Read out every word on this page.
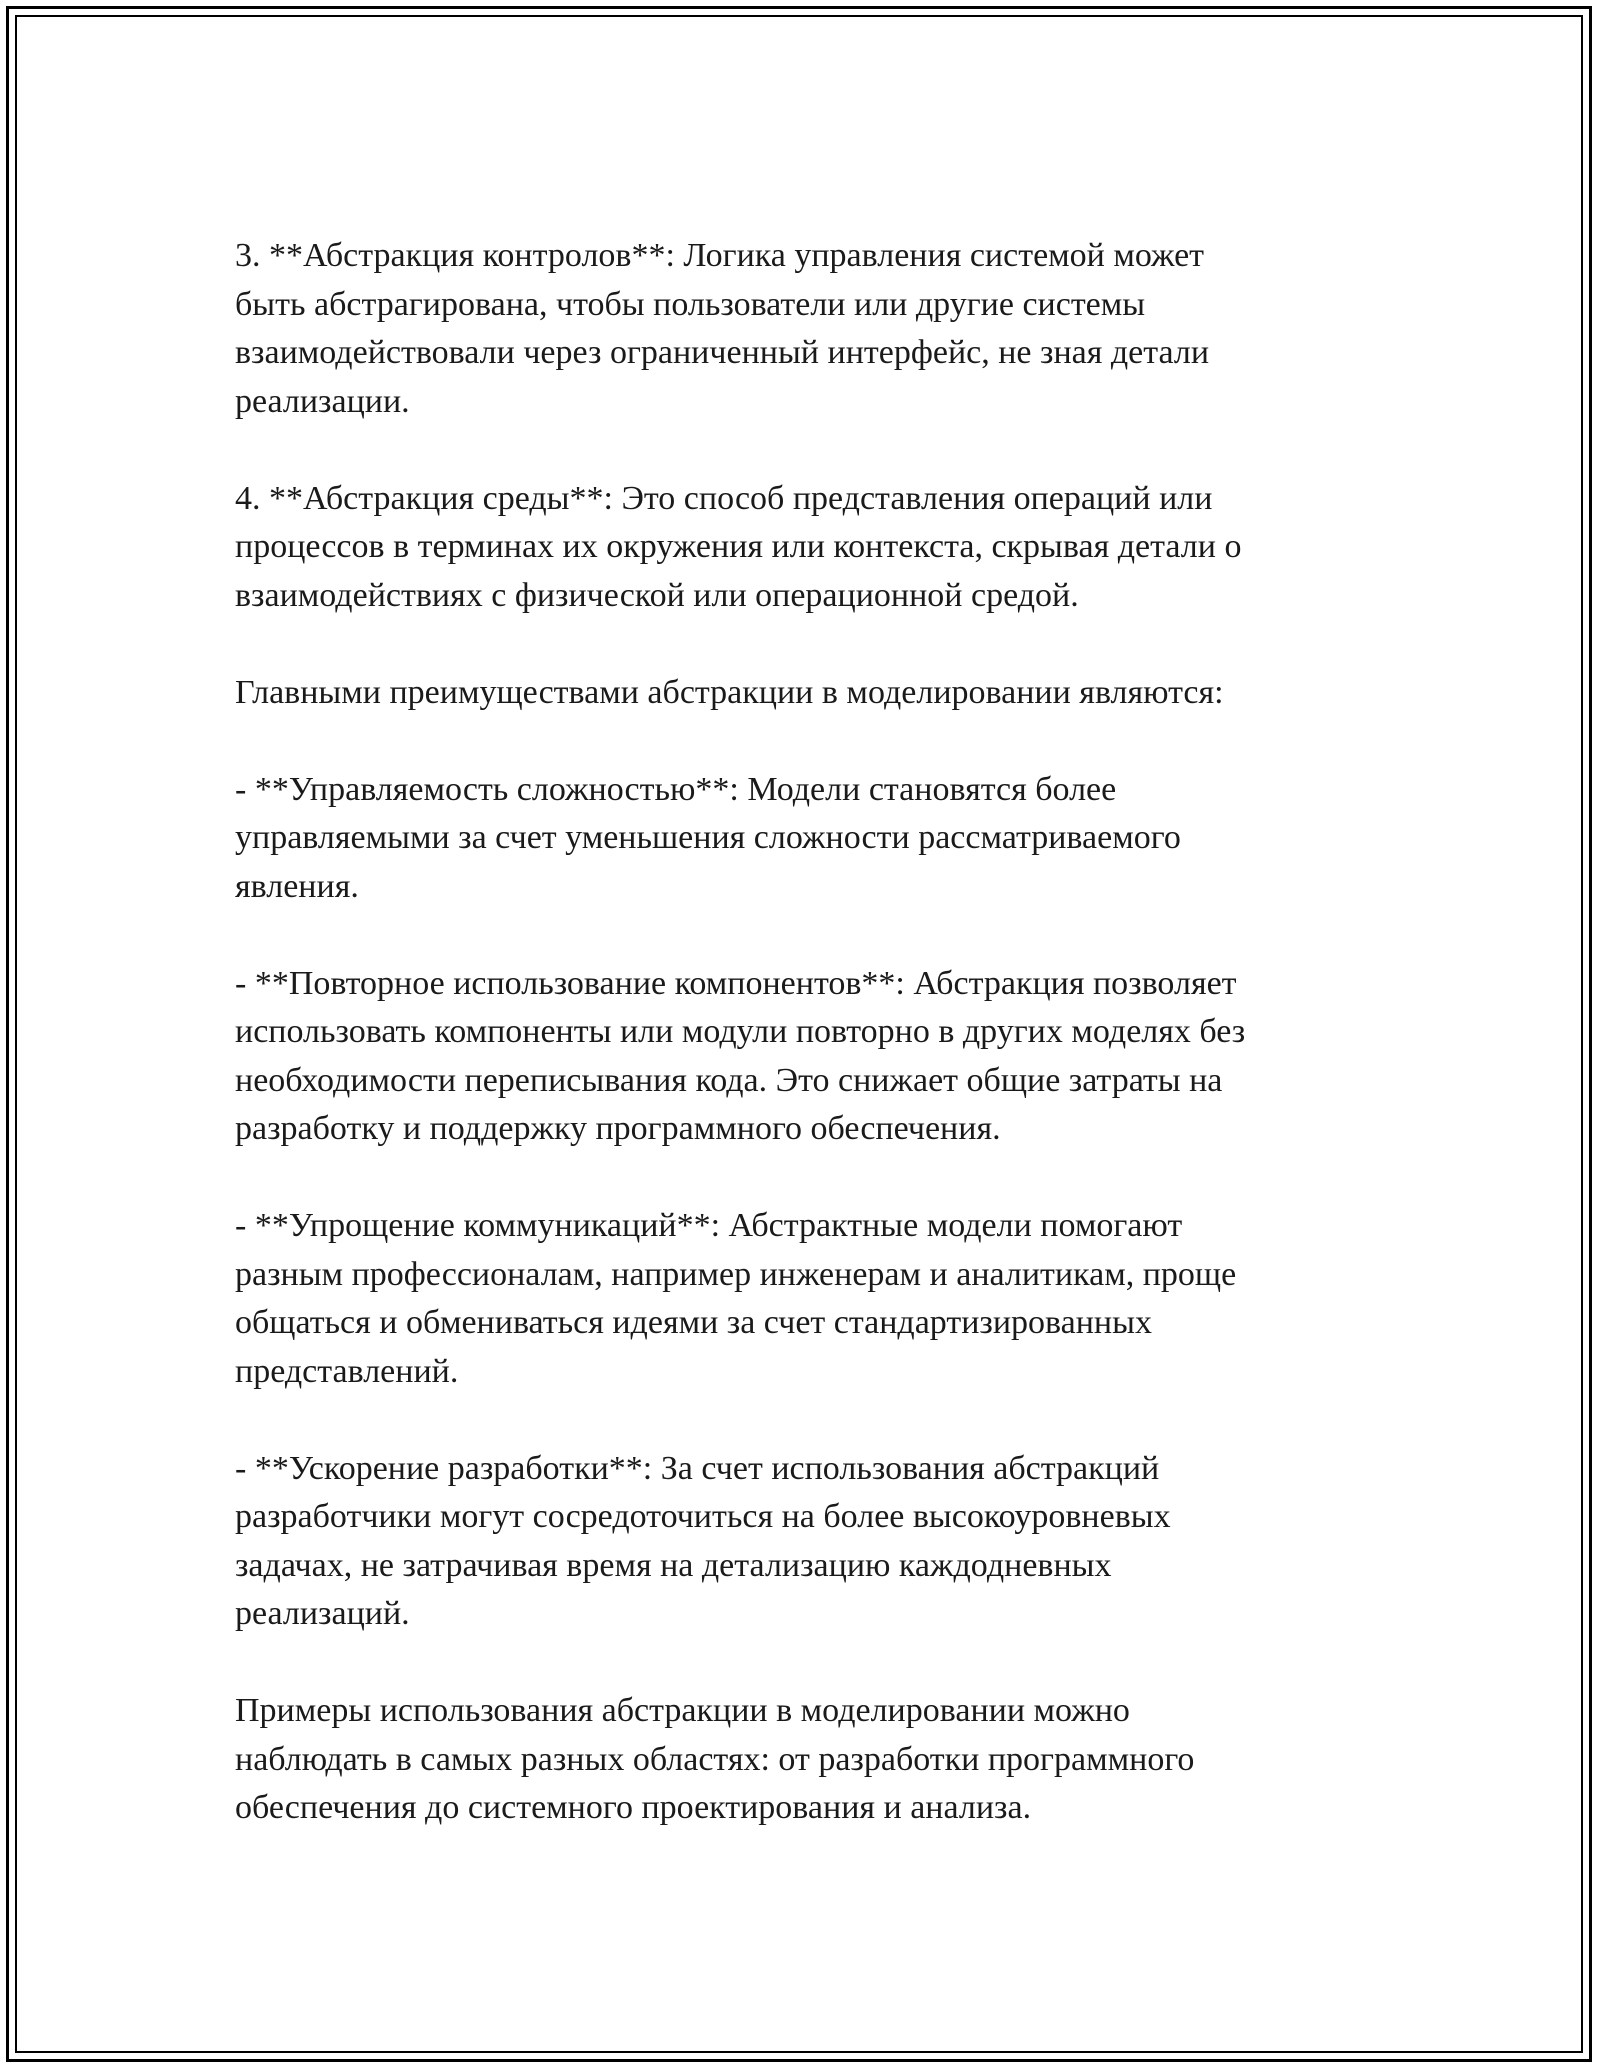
3. **Абстракция контролов**: Логика управления системой может
быть абстрагирована, чтобы пользователи или другие системы
взаимодействовали через ограниченный интерфейс, не зная детали
реализации.

4. **Абстракция среды**: Это способ представления операций или
процессов в терминах их окружения или контекста, скрывая детали о
взаимодействиях с физической или операционной средой.

Главными преимуществами абстракции в моделировании являются:

- **Управляемость сложностью**: Модели становятся более
управляемыми за счет уменьшения сложности рассматриваемого
явления.

- **Повторное использование компонентов**: Абстракция позволяет
использовать компоненты или модули повторно в других моделях без
необходимости переписывания кода. Это снижает общие затраты на
разработку и поддержку программного обеспечения.

- **Упрощение коммуникаций**: Абстрактные модели помогают
разным профессионалам, например инженерам и аналитикам, проще
общаться и обмениваться идеями за счет стандартизированных
представлений.

- **Ускорение разработки**: За счет использования абстракций
разработчики могут сосредоточиться на более высокоуровневых
задачах, не затрачивая время на детализацию каждодневных
реализаций.

Примеры использования абстракции в моделировании можно
наблюдать в самых разных областях: от разработки программного
обеспечения до системного проектирования и анализа.
